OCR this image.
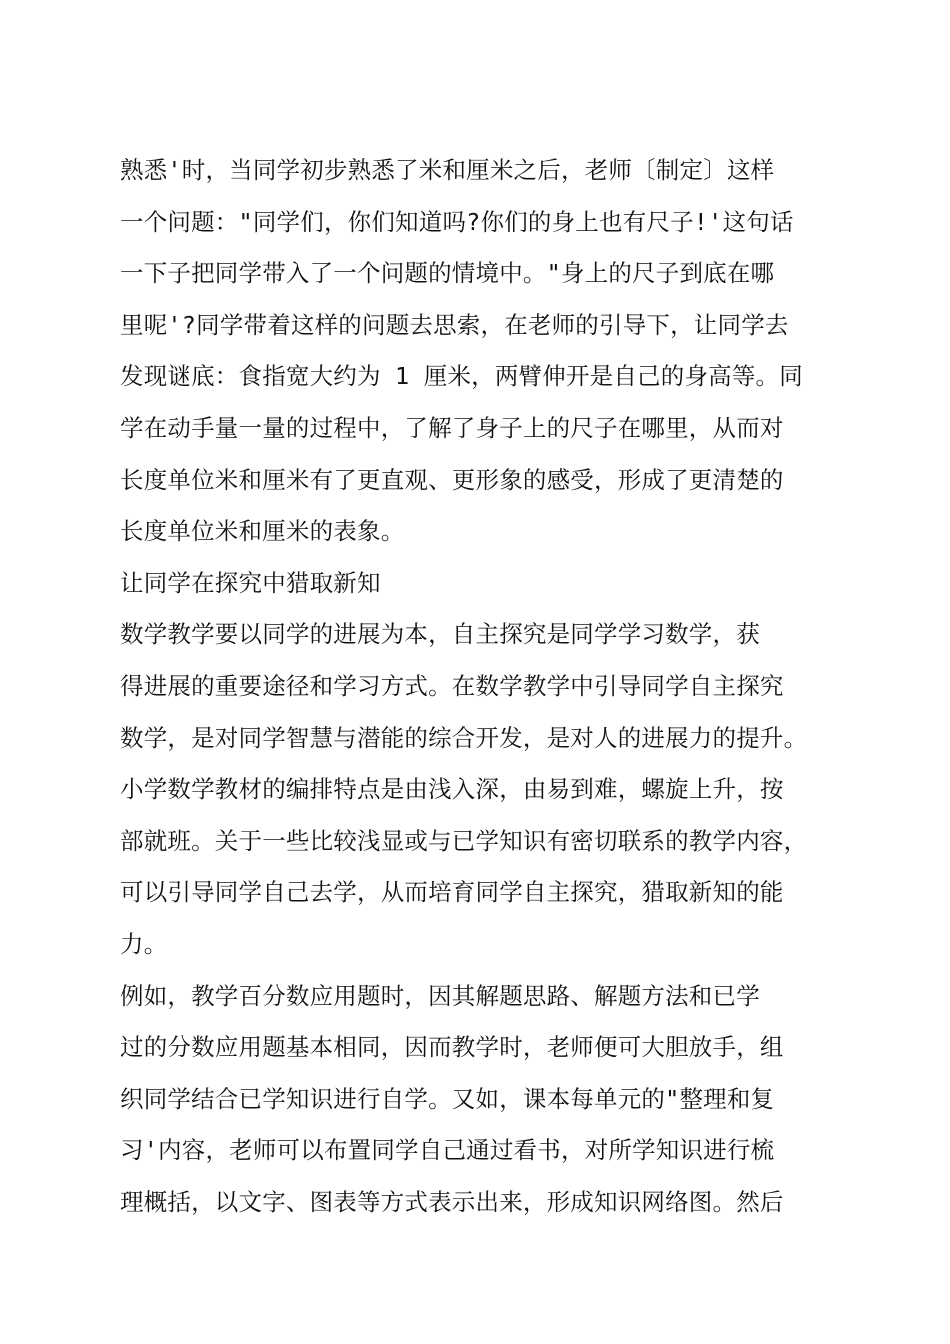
熟悉'时，当同学初步熟悉了米和厘米之后，老师〔制定〕这样
一个问题："同学们，你们知道吗?你们的身上也有尺子!'这句话
一下子把同学带入了一个问题的情境中。"身上的尺子到底在哪
里呢'?同学带着这样的问题去思索，在老师的引导下，让同学去
发现谜底：食指宽大约为 1 厘米，两臂伸开是自己的身高等。同
学在动手量一量的过程中，了解了身子上的尺子在哪里，从而对
长度单位米和厘米有了更直观、更形象的感受，形成了更清楚的
长度单位米和厘米的表象。
让同学在探究中猎取新知
数学教学要以同学的进展为本，自主探究是同学学习数学，获
得进展的重要途径和学习方式。在数学教学中引导同学自主探究
数学，是对同学智慧与潜能的综合开发，是对人的进展力的提升。
小学数学教材的编排特点是由浅入深，由易到难，螺旋上升，按
部就班。关于一些比较浅显或与已学知识有密切联系的教学内容，
可以引导同学自己去学，从而培育同学自主探究，猎取新知的能
力。
例如，教学百分数应用题时，因其解题思路、解题方法和已学
过的分数应用题基本相同，因而教学时，老师便可大胆放手，组
织同学结合已学知识进行自学。又如，课本每单元的"整理和复
习'内容，老师可以布置同学自己通过看书，对所学知识进行梳
理概括，以文字、图表等方式表示出来，形成知识网络图。然后
